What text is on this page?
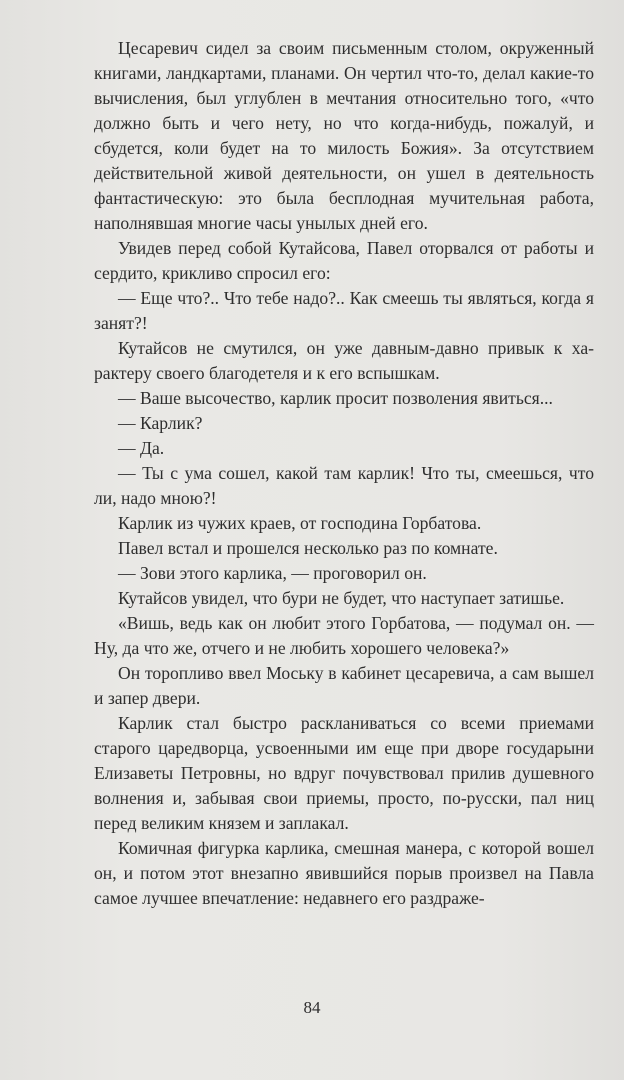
Цесаревич сидел за своим письменным столом, окруженный книгами, ландкартами, планами. Он чертил что-то, делал какие-то вычисления, был углублен в мечтания относительно того, «что должно быть и чего нету, но что когда-нибудь, пожалуй, и сбудется, коли будет на то милость Божия». За отсутствием действительной живой деятельности, он ушел в деятельность фантастическую: это была бесплодная мучительная работа, наполнявшая многие часы унылых дней его.

Увидев перед собой Кутайсова, Павел оторвался от работы и сердито, крикливо спросил его:

— Еще что?.. Что тебе надо?.. Как смеешь ты являться, когда я занят?!

Кутайсов не смутился, он уже давным-давно привык к характеру своего благодетеля и к его вспышкам.

— Ваше высочество, карлик просит позволения явиться...

— Карлик?

— Да.

— Ты с ума сошел, какой там карлик! Что ты, смеешься, что ли, надо мною?!

Карлик из чужих краев, от господина Горбатова.

Павел встал и прошелся несколько раз по комнате.

— Зови этого карлика, — проговорил он.

Кутайсов увидел, что бури не будет, что наступает затишье.

«Вишь, ведь как он любит этого Горбатова, — подумал он. — Ну, да что же, отчего и не любить хорошего человека?»

Он торопливо ввел Моську в кабинет цесаревича, а сам вышел и запер двери.

Карлик стал быстро раскланиваться со всеми приемами старого царедворца, усвоенными им еще при дворе государыни Елизаветы Петровны, но вдруг почувствовал прилив душевного волнения и, забывая свои приемы, просто, по-русски, пал ниц перед великим князем и заплакал.

Комичная фигурка карлика, смешная манера, с которой вошел он, и потом этот внезапно явившийся порыв произвел на Павла самое лучшее впечатление: недавнего его раздраже-

84
